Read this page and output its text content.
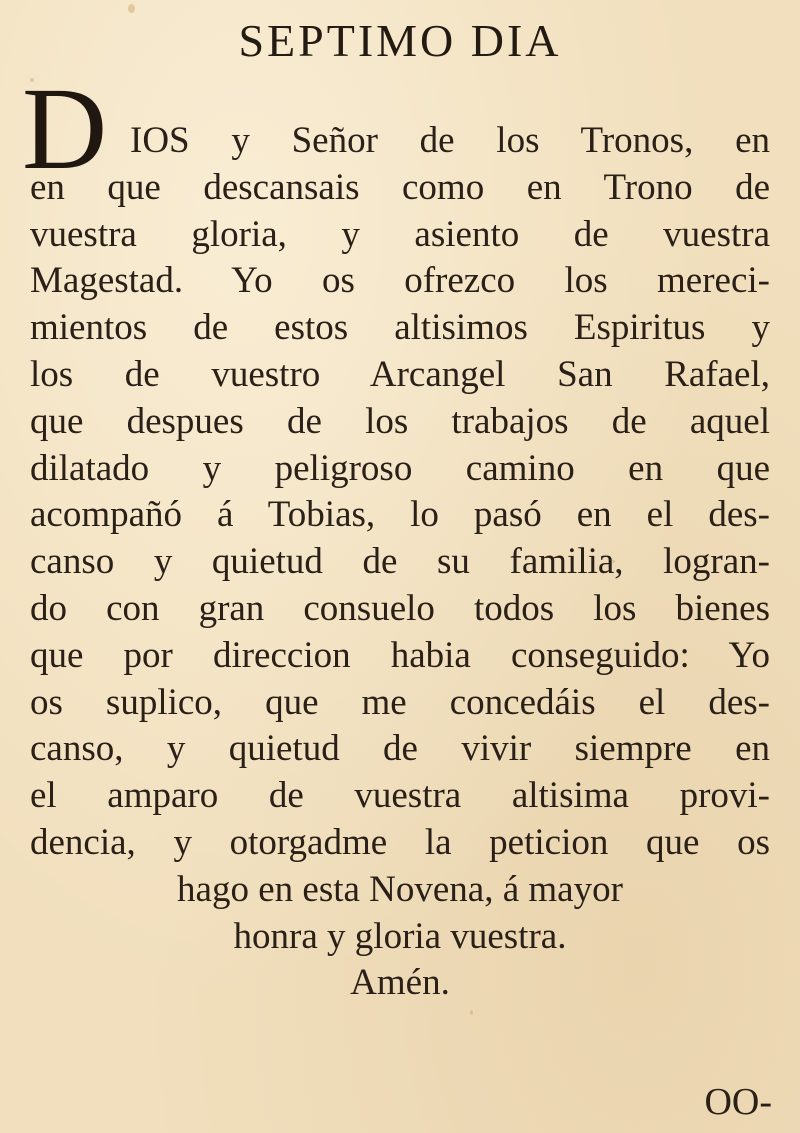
SEPTIMO DIA
D IOS y Señor de los Tronos, en
en que descansais como en Trono de
vuestra gloria, y asiento de vuestra
Magestad. Yo os ofrezco los mereci-
mientos de estos altisimos Espiritus y
los de vuestro Arcangel San Rafael,
que despues de los trabajos de aquel
dilatado y peligroso camino en que
acompañó á Tobias, lo pasó en el des-
canso y quietud de su familia, logran-
do con gran consuelo todos los bienes
que por direccion habia conseguido: Yo
os suplico, que me concedáis el des-
canso, y quietud de vivir siempre en
el amparo de vuestra altisima provi-
dencia, y otorgadme la peticion que os
hago en esta Novena, á mayor
honra y gloria vuestra.
Amén.
OO-
